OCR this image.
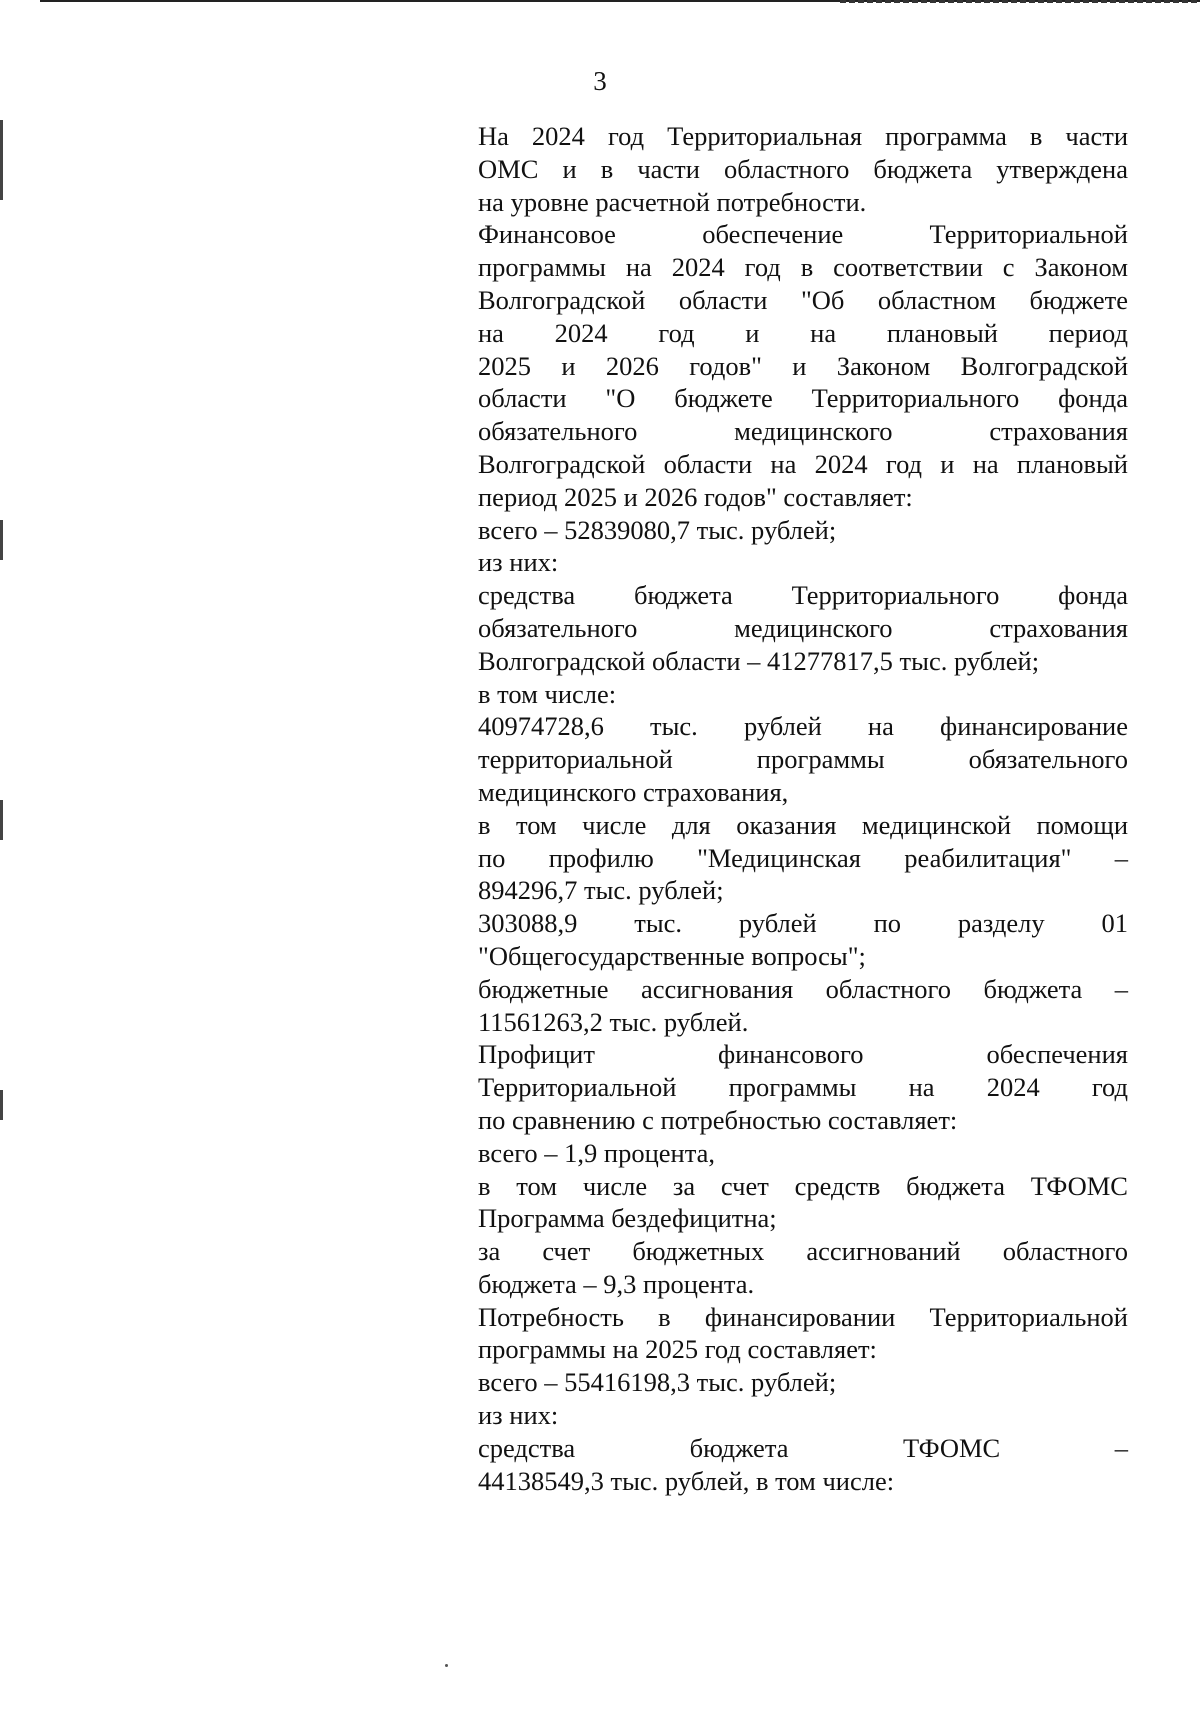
3
На 2024 год Территориальная программа в части
ОМС и в части областного бюджета утверждена
на уровне расчетной потребности.
Финансовое обеспечение Территориальной
программы на 2024 год в соответствии с Законом
Волгоградской области "Об областном бюджете
на 2024 год и на плановый период
2025 и 2026 годов" и Законом Волгоградской
области "О бюджете Территориального фонда
обязательного медицинского страхования
Волгоградской области на 2024 год и на плановый
период 2025 и 2026 годов" составляет:
всего – 52839080,7 тыс. рублей;
из них:
средства бюджета Территориального фонда
обязательного медицинского страхования
Волгоградской области – 41277817,5 тыс. рублей;
в том числе:
40974728,6 тыс. рублей на финансирование
территориальной программы обязательного
медицинского страхования,
в том числе для оказания медицинской помощи
по профилю "Медицинская реабилитация" –
894296,7 тыс. рублей;
303088,9 тыс. рублей по разделу 01
"Общегосударственные вопросы";
бюджетные ассигнования областного бюджета –
11561263,2 тыс. рублей.
Профицит финансового обеспечения
Территориальной программы на 2024 год
по сравнению с потребностью составляет:
всего – 1,9 процента,
в том числе за счет средств бюджета ТФОМС
Программа бездефицитна;
за счет бюджетных ассигнований областного
бюджета – 9,3 процента.
Потребность в финансировании Территориальной
программы на 2025 год составляет:
всего – 55416198,3 тыс. рублей;
из них:
средства бюджета ТФОМС –
44138549,3 тыс. рублей, в том числе:
